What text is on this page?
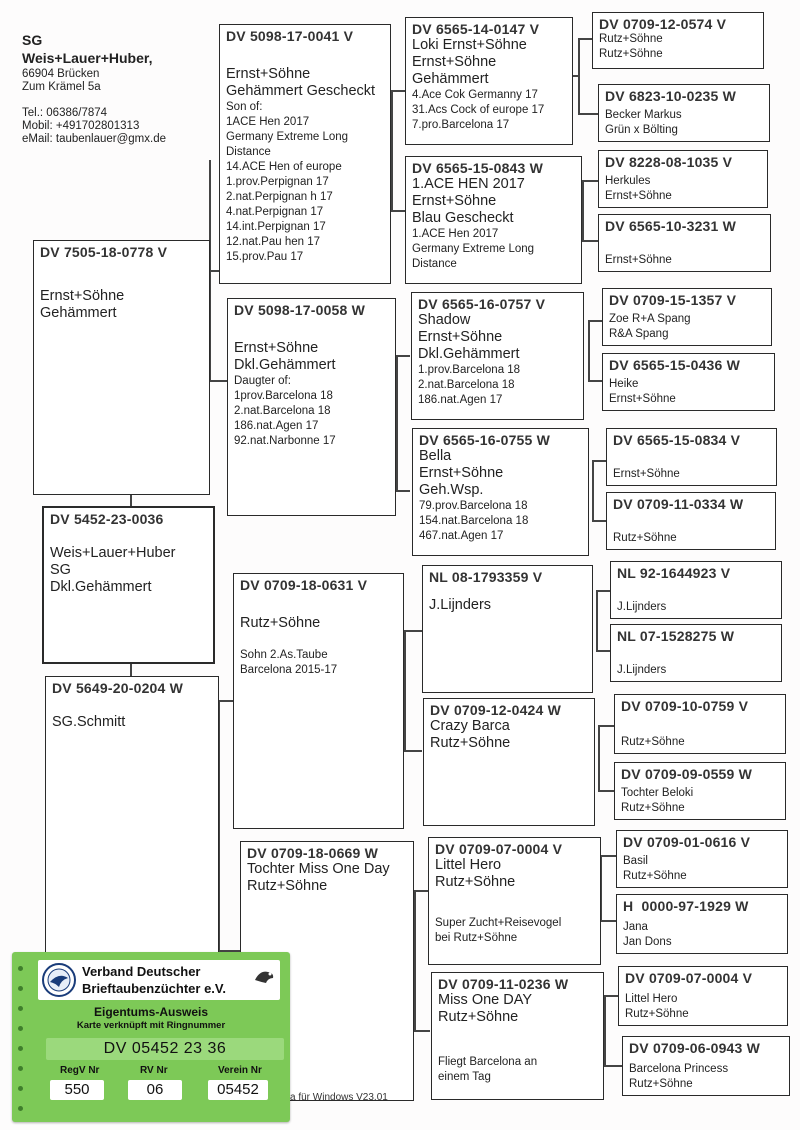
SG
Weis+Lauer+Huber,
66904 Brücken
Zum Krämel 5a
Tel.: 06386/7874
Mobil: +491702801313
eMail: taubenlauer@gmx.de
DV 7505-18-0778 V
Ernst+Söhne
Gehämmert
DV 5452-23-0036
Weis+Lauer+Huber
SG
Dkl.Gehämmert
DV 5649-20-0204 W
SG.Schmitt
DV 5098-17-0041 V
Ernst+Söhne
Gehämmert Gescheckt
Son of:
1ACE Hen 2017
Germany Extreme Long
Distance
14.ACE Hen of europe
1.prov.Perpignan 17
2.nat.Perpignan h 17
4.nat.Perpignan 17
14.int.Perpignan 17
12.nat.Pau hen 17
15.prov.Pau 17
DV 5098-17-0058 W
Ernst+Söhne
Dkl.Gehämmert
Daugter of:
1prov.Barcelona 18
2.nat.Barcelona 18
186.nat.Agen 17
92.nat.Narbonne 17
DV 0709-18-0631 V
Rutz+Söhne
Sohn 2.As.Taube
Barcelona 2015-17
DV 0709-18-0669 W
Tochter Miss One Day
Rutz+Söhne
DV 6565-14-0147 V
Loki Ernst+Söhne
Ernst+Söhne
Gehämmert
4.Ace Cok Germanny 17
31.Acs Cock of europe 17
7.pro.Barcelona 17
DV 6565-15-0843 W
1.ACE HEN 2017
Ernst+Söhne
Blau Gescheckt
1.ACE Hen 2017
Germany Extreme Long
Distance
DV 6565-16-0757 V
Shadow
Ernst+Söhne
Dkl.Gehämmert
1.prov.Barcelona 18
2.nat.Barcelona 18
186.nat.Agen 17
DV 6565-16-0755 W
Bella
Ernst+Söhne
Geh.Wsp.
79.prov.Barcelona 18
154.nat.Barcelona 18
467.nat.Agen 17
NL 08-1793359 V
J.Lijnders
DV 0709-12-0424 W
Crazy Barca
Rutz+Söhne
DV 0709-07-0004 V
Littel Hero
Rutz+Söhne
Super Zucht+Reisevogel
bei Rutz+Söhne
DV 0709-11-0236 W
Miss One DAY
Rutz+Söhne
Fliegt Barcelona an
einem Tag
DV 0709-12-0574 V
Rutz+Söhne
Rutz+Söhne
DV 6823-10-0235 W
Becker Markus
Grün x Bölting
DV 8228-08-1035 V
Herkules
Ernst+Söhne
DV 6565-10-3231 W
Ernst+Söhne
DV 0709-15-1357 V
Zoe R+A Spang
R&A Spang
DV 6565-15-0436 W
Heike
Ernst+Söhne
DV 6565-15-0834 V
Ernst+Söhne
DV 0709-11-0334 W
Rutz+Söhne
NL 92-1644923 V
J.Lijnders
NL 07-1528275 W
J.Lijnders
DV 0709-10-0759 V
Rutz+Söhne
DV 0709-09-0559 W
Tochter Beloki
Rutz+Söhne
DV 0709-01-0616 V
Basil
Rutz+Söhne
H  0000-97-1929 W
Jana
Jan Dons
DV 0709-07-0004 V
Littel Hero
Rutz+Söhne
DV 0709-06-0943 W
Barcelona Princess
Rutz+Söhne
a für Windows V23.01
Verband Deutscher
Brieftaubenzüchter e.V.
Eigentums-Ausweis
Karte verknüpft mit Ringnummer
DV 05452 23 36
RegV Nr	RV Nr	Verein Nr
550	06	05452
